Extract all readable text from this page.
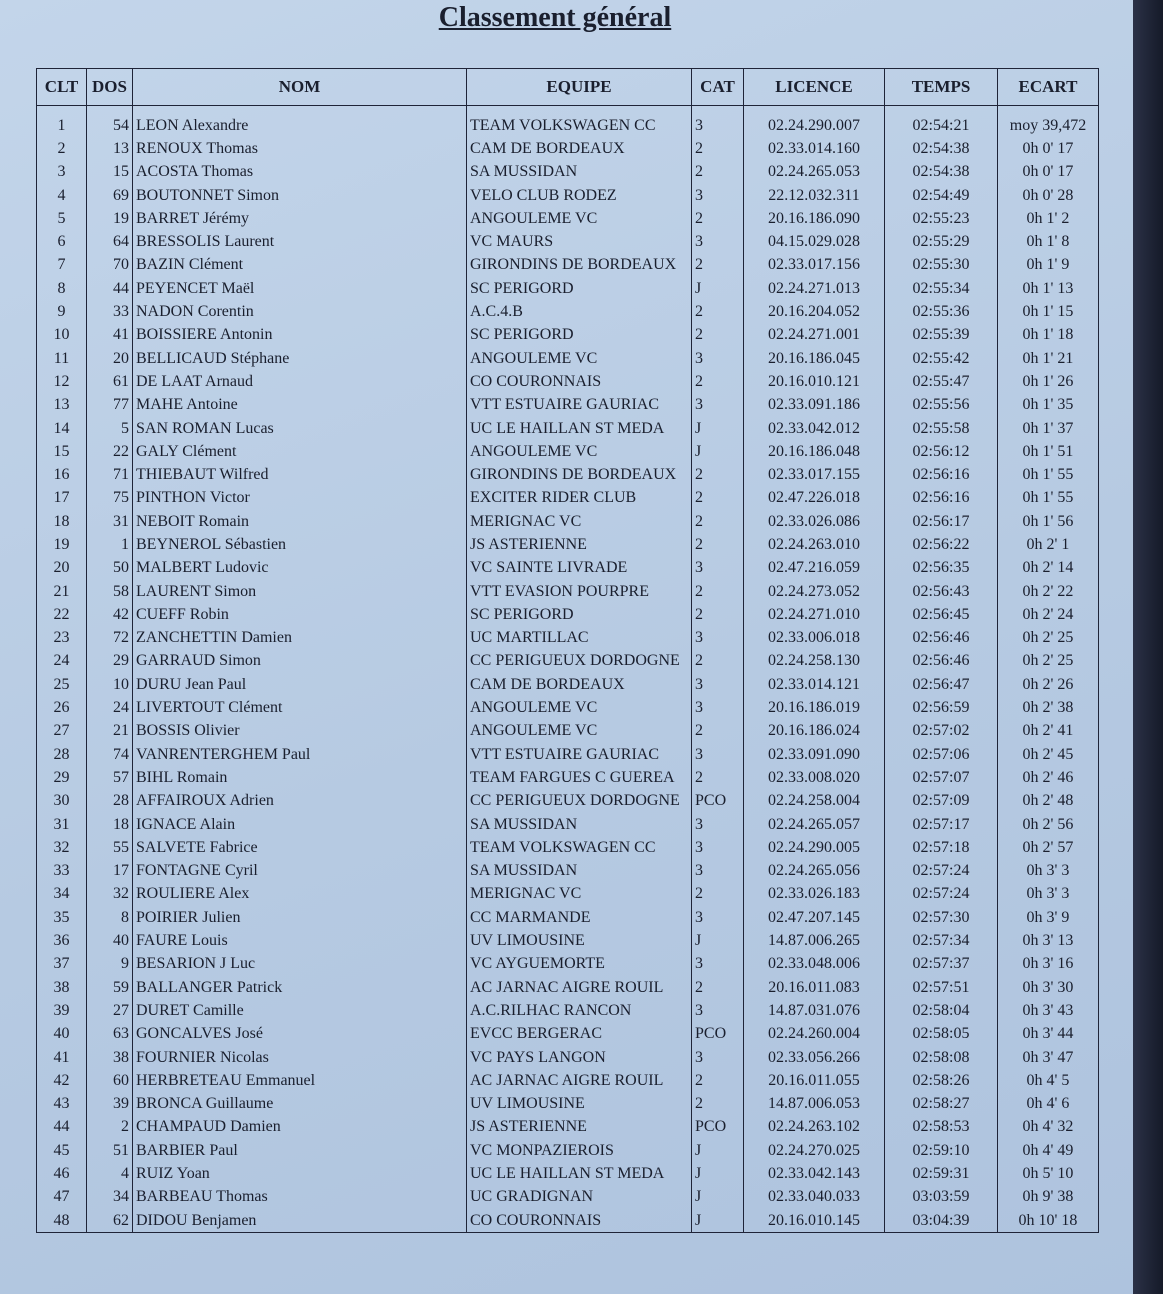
Classement général
CLT	DOS	NOM	EQUIPE	CAT	LICENCE	TEMPS	ECART
1	54	LEON Alexandre	TEAM VOLKSWAGEN CC	3	02.24.290.007	02:54:21	moy 39,472
2	13	RENOUX Thomas	CAM DE BORDEAUX	2	02.33.014.160	02:54:38	0h 0' 17
3	15	ACOSTA Thomas	SA MUSSIDAN	2	02.24.265.053	02:54:38	0h 0' 17
4	69	BOUTONNET Simon	VELO CLUB RODEZ	3	22.12.032.311	02:54:49	0h 0' 28
5	19	BARRET Jérémy	ANGOULEME VC	2	20.16.186.090	02:55:23	0h 1' 2
6	64	BRESSOLIS Laurent	VC MAURS	3	04.15.029.028	02:55:29	0h 1' 8
7	70	BAZIN Clément	GIRONDINS DE BORDEAUX	2	02.33.017.156	02:55:30	0h 1' 9
8	44	PEYENCET Maël	SC PERIGORD	J	02.24.271.013	02:55:34	0h 1' 13
9	33	NADON Corentin	A.C.4.B	2	20.16.204.052	02:55:36	0h 1' 15
10	41	BOISSIERE Antonin	SC PERIGORD	2	02.24.271.001	02:55:39	0h 1' 18
11	20	BELLICAUD Stéphane	ANGOULEME VC	3	20.16.186.045	02:55:42	0h 1' 21
12	61	DE LAAT Arnaud	CO COURONNAIS	2	20.16.010.121	02:55:47	0h 1' 26
13	77	MAHE Antoine	VTT ESTUAIRE GAURIAC	3	02.33.091.186	02:55:56	0h 1' 35
14	5	SAN ROMAN Lucas	UC LE HAILLAN ST MEDA	J	02.33.042.012	02:55:58	0h 1' 37
15	22	GALY Clément	ANGOULEME VC	J	20.16.186.048	02:56:12	0h 1' 51
16	71	THIEBAUT Wilfred	GIRONDINS DE BORDEAUX	2	02.33.017.155	02:56:16	0h 1' 55
17	75	PINTHON Victor	EXCITER RIDER CLUB	2	02.47.226.018	02:56:16	0h 1' 55
18	31	NEBOIT Romain	MERIGNAC VC	2	02.33.026.086	02:56:17	0h 1' 56
19	1	BEYNEROL Sébastien	JS ASTERIENNE	2	02.24.263.010	02:56:22	0h 2' 1
20	50	MALBERT Ludovic	VC SAINTE LIVRADE	3	02.47.216.059	02:56:35	0h 2' 14
21	58	LAURENT Simon	VTT EVASION POURPRE	2	02.24.273.052	02:56:43	0h 2' 22
22	42	CUEFF Robin	SC PERIGORD	2	02.24.271.010	02:56:45	0h 2' 24
23	72	ZANCHETTIN Damien	UC MARTILLAC	3	02.33.006.018	02:56:46	0h 2' 25
24	29	GARRAUD Simon	CC PERIGUEUX DORDOGNE	2	02.24.258.130	02:56:46	0h 2' 25
25	10	DURU Jean Paul	CAM DE BORDEAUX	3	02.33.014.121	02:56:47	0h 2' 26
26	24	LIVERTOUT Clément	ANGOULEME VC	3	20.16.186.019	02:56:59	0h 2' 38
27	21	BOSSIS Olivier	ANGOULEME VC	2	20.16.186.024	02:57:02	0h 2' 41
28	74	VANRENTERGHEM Paul	VTT ESTUAIRE GAURIAC	3	02.33.091.090	02:57:06	0h 2' 45
29	57	BIHL Romain	TEAM FARGUES C GUEREA	2	02.33.008.020	02:57:07	0h 2' 46
30	28	AFFAIROUX Adrien	CC PERIGUEUX DORDOGNE	PCO	02.24.258.004	02:57:09	0h 2' 48
31	18	IGNACE Alain	SA MUSSIDAN	3	02.24.265.057	02:57:17	0h 2' 56
32	55	SALVETE Fabrice	TEAM VOLKSWAGEN CC	3	02.24.290.005	02:57:18	0h 2' 57
33	17	FONTAGNE Cyril	SA MUSSIDAN	3	02.24.265.056	02:57:24	0h 3' 3
34	32	ROULIERE Alex	MERIGNAC VC	2	02.33.026.183	02:57:24	0h 3' 3
35	8	POIRIER Julien	CC MARMANDE	3	02.47.207.145	02:57:30	0h 3' 9
36	40	FAURE Louis	UV LIMOUSINE	J	14.87.006.265	02:57:34	0h 3' 13
37	9	BESARION J Luc	VC AYGUEMORTE	3	02.33.048.006	02:57:37	0h 3' 16
38	59	BALLANGER Patrick	AC JARNAC AIGRE ROUIL	2	20.16.011.083	02:57:51	0h 3' 30
39	27	DURET Camille	A.C.RILHAC RANCON	3	14.87.031.076	02:58:04	0h 3' 43
40	63	GONCALVES José	EVCC BERGERAC	PCO	02.24.260.004	02:58:05	0h 3' 44
41	38	FOURNIER Nicolas	VC PAYS LANGON	3	02.33.056.266	02:58:08	0h 3' 47
42	60	HERBRETEAU Emmanuel	AC JARNAC AIGRE ROUIL	2	20.16.011.055	02:58:26	0h 4' 5
43	39	BRONCA Guillaume	UV LIMOUSINE	2	14.87.006.053	02:58:27	0h 4' 6
44	2	CHAMPAUD Damien	JS ASTERIENNE	PCO	02.24.263.102	02:58:53	0h 4' 32
45	51	BARBIER Paul	VC MONPAZIEROIS	J	02.24.270.025	02:59:10	0h 4' 49
46	4	RUIZ Yoan	UC LE HAILLAN ST MEDA	J	02.33.042.143	02:59:31	0h 5' 10
47	34	BARBEAU Thomas	UC GRADIGNAN	J	02.33.040.033	03:03:59	0h 9' 38
48	62	DIDOU Benjamen	CO COURONNAIS	J	20.16.010.145	03:04:39	0h 10' 18
